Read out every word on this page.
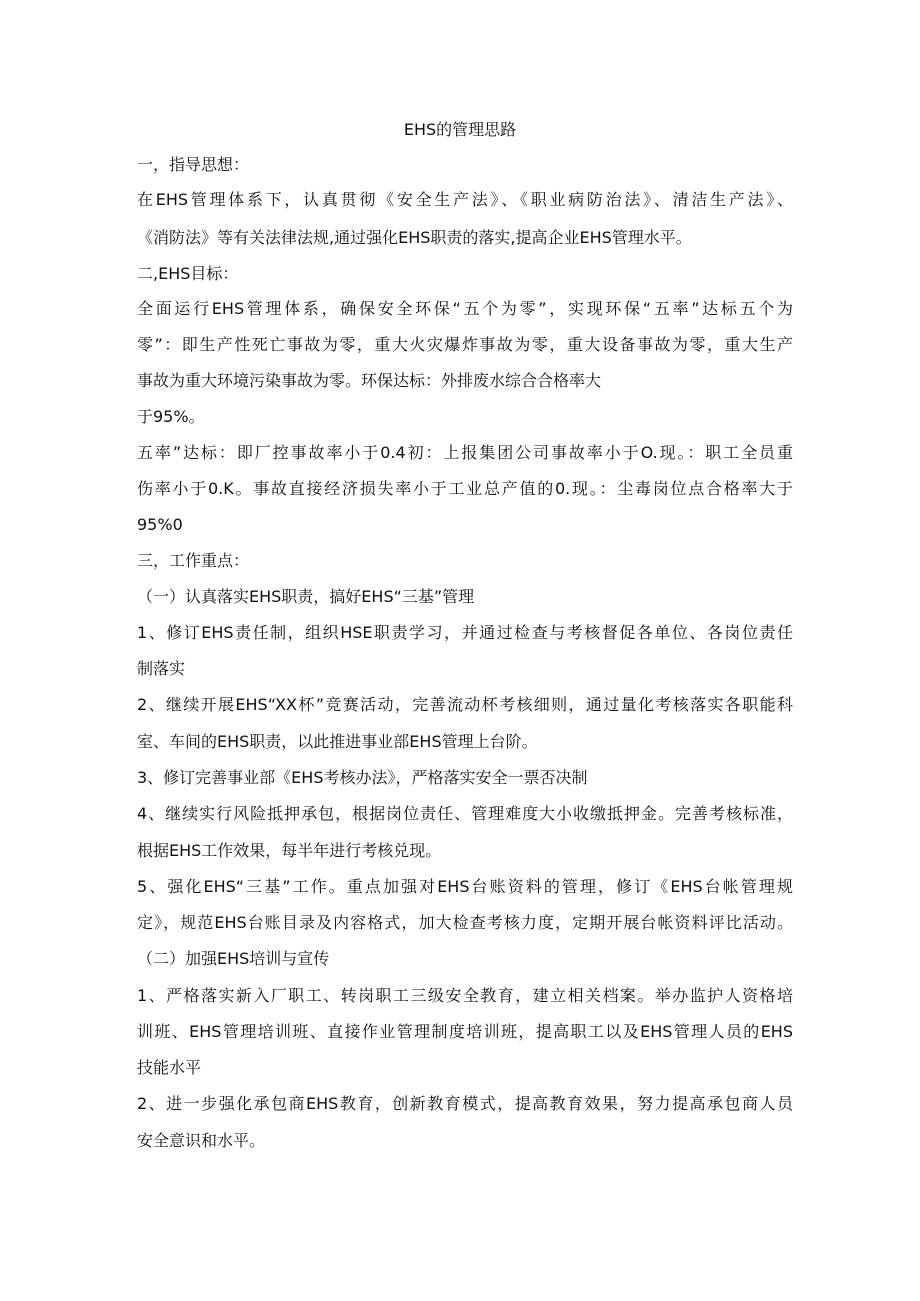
EHS的管理思路
一，指导思想：
在EHS管理体系下，认真贯彻《安全生产法》、《职业病防治法》、清洁生产法》、
《消防法》等有关法律法规,通过强化EHS职责的落实,提高企业EHS管理水平。
二,EHS目标：
全面运行EHS管理体系，确保安全环保“五个为零”，实现环保“五率”达标五个为
零”：即生产性死亡事故为零，重大火灾爆炸事故为零，重大设备事故为零，重大生产
事故为重大环境污染事故为零。环保达标：外排废水综合合格率大
于95%。
五率”达标：即厂控事故率小于0.4初：上报集团公司事故率小于O.现。：职工全员重
伤率小于0.K。事故直接经济损失率小于工业总产值的0.现。：尘毒岗位点合格率大于
95%0
三，工作重点：
（一）认真落实EHS职责，搞好EHS“三基”管理
1、修订EHS责任制，组织HSE职责学习，并通过检查与考核督促各单位、各岗位责任
制落实
2、继续开展EHS“XX杯”竞赛活动，完善流动杯考核细则，通过量化考核落实各职能科
室、车间的EHS职责，以此推进事业部EHS管理上台阶。
3、修订完善事业部《EHS考核办法》，严格落实安全一票否决制
4、继续实行风险抵押承包，根据岗位责任、管理难度大小收缴抵押金。完善考核标准，
根据EHS工作效果，每半年进行考核兑现。
5、强化EHS“三基”工作。重点加强对EHS台账资料的管理，修订《EHS台帐管理规
定》，规范EHS台账目录及内容格式，加大检查考核力度，定期开展台帐资料评比活动。
（二）加强EHS培训与宣传
1、严格落实新入厂职工、转岗职工三级安全教育，建立相关档案。举办监护人资格培
训班、EHS管理培训班、直接作业管理制度培训班，提高职工以及EHS管理人员的EHS
技能水平
2、进一步强化承包商EHS教育，创新教育模式，提高教育效果，努力提高承包商人员
安全意识和水平。
